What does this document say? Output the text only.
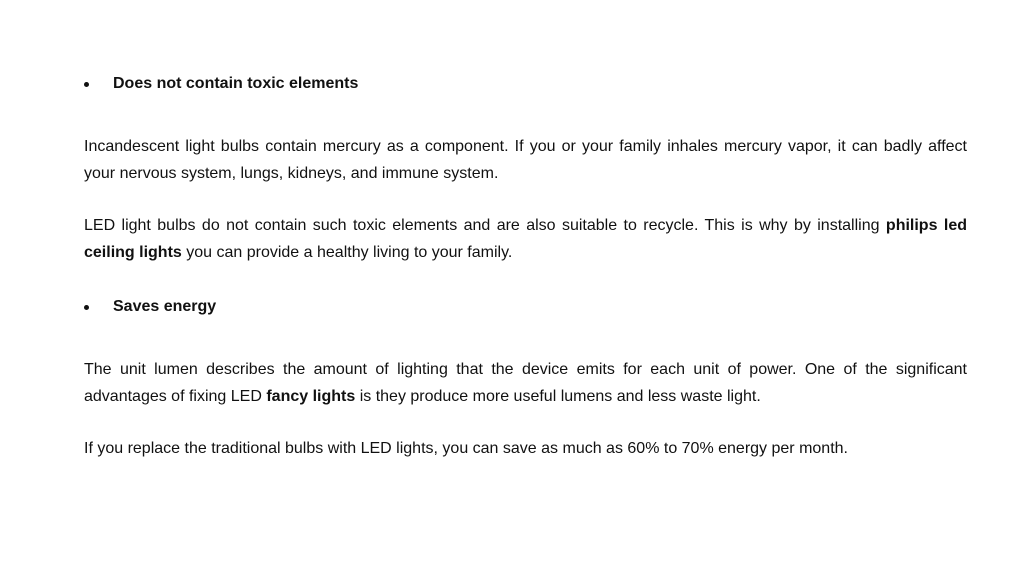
Does not contain toxic elements

Incandescent light bulbs contain mercury as a component. If you or your family inhales mercury vapor, it can badly affect your nervous system, lungs, kidneys, and immune system.

LED light bulbs do not contain such toxic elements and are also suitable to recycle. This is why by installing philips led ceiling lights you can provide a healthy living to your family.

Saves energy

The unit lumen describes the amount of lighting that the device emits for each unit of power. One of the significant advantages of fixing LED fancy lights is they produce more useful lumens and less waste light.

If you replace the traditional bulbs with LED lights, you can save as much as 60% to 70% energy per month.
